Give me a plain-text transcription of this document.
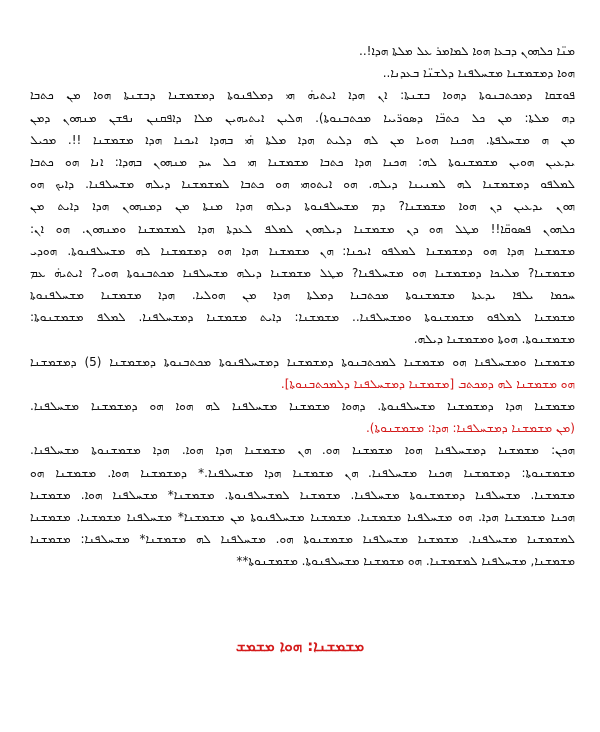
ܡܢ̈ܐ ܟܠܗܘܢ ܕܒܥܐ ܗܘܐ ܠܡܐܡܪ ܥܠ ܡܠܬܐ ܗܕܐ!..
ܗܘܐ ܕܡܫܡܫܢܐ ܡܫܚܠܦܢܐ ܕܠܫܢ̈ܐ ܒܥܕܢܐ..
ܦܘܫܩܐ ܕܡܟܬܒܢܘܬܐ ܕܗܘܐ ܒܫܢܬܐ: ܐܢ ܗܕܐ ܐܝܬܝܗ̇ ܗܝ ܕܡܠܦܢܘܬܐ ܕܡܫܡܫܢܐ ܕܒܫܢܬܐ ܗܘܐ ܡܢ ܟܬܒܐ
ܕܗ ܡܠܬܐ: ܡܢ ܟܠ ܟܬܒ̈ܐ ܕܣܘܪ̈ܝܝܐ ܡܟܬܒܢܘܬܐ). ܗܠܝܢ ܐܝܬܝܗܝܢ ܡܠܐ ܕܐܦܩܢܢ ܢܦܫܢ ܡܢܗܘܢ ܕܡܢ
ܡܢ ܗ ܡܫܚܠܦܬܐ. ܗܟܢܐ ܗܘܝܐ ܡܢ ܠܗ ܕܠܝܬ ܗܕܐ ܡܠܬܐ ܗ̇ܝ ܒܗܕܐ ܐܝܟܢܐ ܗܕܐ ܡܫܡܫܢܐ !!. ܡܟܝܠ
ܝܕܥܝܢ ܗܘܝܢ ܡܫܡܫܢܘܬܐ ܠܗ: ܗܟܢܐ ܗܕܐ ܟܬܒܐ ܡܫܡܫܢܐ ܗܝ ܟܠ ܚܕ ܡܢܗܘܢ ܒܗܕܐ: ܐܢܐ ܗܘ ܟܬܒܐ
ܠܡܠܦܘ ܕܡܫܡܫܢܐ ܠܗ ܠܡܢܝܢܐ ܕܝܠܗ. ܗܘ ܐܝܬܘܗܝ ܗܘ ܟܬܒܐ ܠܡܫܡܫܢܐ ܕܝܠܗ ܡܫܚܠܦܢܐ. ܕܐܝܟ ܗܘ
ܗܘܢ ܝܕܥܝܢ ܕܢ ܗܘܐ ܡܫܡܫܢܐ? ܕܡ ܡܫܚܠܦܢܘܬܐ ܕܝܠܗ ܗܕܐ ܡܢܬܐ ܡܢ ܕܡܢܗܘܢ ܗܕܐ ܕܐܝܬ ܡܢ
ܟܠܗܘܢ ܦܣܘܩ̈ܐ!! ܡܛܠ ܗܘ ܕܢ ܡܫܡܫܢܐ ܕܝܠܗܘܢ ܠܡܠܦ ܠܥܕܬܐ ܗܕܐ ܠܡܫܡܫܢܐ ܘܡܢܗܘܢ. ܗܘ ܐܢ:
ܡܫܡܫܢܐ ܗܕܐ ܗܘ ܕܡܫܡܫܢܐ ܠܡܠܦܘ ܐܝܟܢܐ: ܗܢ ܡܫܡܫܢܐ ܗܕܐ ܗܘ ܕܡܫܡܫܢܐ ܠܗ ܡܫܚܠܦܢܘܬܐ. ܗܘܕܝ
ܡܫܡܫܢܐ? ܡܠܝܟܐ ܕܡܫܡܫܢܐ ܗܘ ܡܫܚܠܦܢܐ? ܡܛܠ ܡܫܡܫܢܐ ܕܝܠܗ ܡܫܚܠܦܢܐ ܡܟܬܒܢܘܬܐ ܗܘܝ? ܐܝܬܝܗ̇ ܥܡ
ܚܟܡܐ ܝܠܦܐ ܝܕܥܬܐ ܡܫܡܫܢܘܬܐ ܡܟܬܒܢܐ ܕܡܠܬܐ ܗܕܐ ܡܢ ܗܘܠܝܐ. ܗܕܐ ܡܫܡܫܢܐ ܡܫܚܠܦܢܘܬܐ
ܡܫܡܫܢܐ ܠܡܠܦܘ ܡܫܡܫܢܘܬܐ ܘܡܫܚܠܦܢܐ.. ܡܫܡܫܢܐ: ܕܐܝܬ ܡܫܡܫܢܐ ܕܡܫܚܠܦܢܐ. ܠܡܠܦ ܡܫܡܫܢܘܬܐ:
ܡܫܡܫܢܘܬܐ. ܗܘܬܐ ܘܡܫܡܫܢܐ ܕܝܠܗ.
ܡܫܡܫܢܐ ܘܡܫܚܠܦܢܐ ܗܘ ܡܫܡܫܢܐ ܠܡܟܬܒܢܘܬܐ ܕܡܫܡܫܢܐ ܕܡܫܚܠܦܢܘܬܐ ܡܟܬܒܢܘܬܐ ܕܡܫܡܫܢܐ (5) ܕܡܫܡܫܢܐ
ܗܘ ܡܫܡܫܢܐ ܠܗ ܕܡܟܬܒ [ܡܫܡܫܢܐ ܕܡܫܚܠܦܢܐ ܕܠܡܟܬܒܢܘܬܐ].
ܡܫܡܫܢܐ ܗܕܐ ܕܡܫܡܫܢܐ ܡܫܚܠܦܢܘܬܐ. ܕܗܘܐ ܡܫܡܫܢܐ ܡܫܚܠܦܢܐ ܠܗ ܗܘܐ ܗܘ ܕܡܫܡܫܢܐ ܡܫܚܠܦܢܐ.
(ܡܢ ܡܫܡܫܢܐ ܕܡܫܚܠܦܢܐ: ܗܕܐ: ܡܫܡܫܢܘܬܐ).
ܗܟܢ: ܡܫܡܫܢܐ ܕܡܫܚܠܦܢܐ ܗܘܐ ܡܫܡܫܢܐ ܗܘ. ܗܢ ܡܫܡܫܢܐ ܗܕܐ ܗܘܐ. ܗܕܐ ܡܫܡܫܢܘܬܐ ܡܫܚܠܦܢܐ.
ܡܫܡܫܢܘܬܐ: ܕܡܫܡܫܢܐ ܗܟܢܐ ܡܫܚܠܦܢܐ. ܗܢ ܡܫܡܫܢܐ ܗܕܐ ܡܫܚܠܦܢܐ.* ܕܡܫܡܫܢܐ ܗܘܐ. ܡܫܡܫܢܐ ܗܘ
ܡܫܡܫܢܐ. ܡܫܚܠܦܢܐ ܕܡܫܡܫܢܘܬܐ ܡܫܚܠܦܢܐ. ܡܫܡܫܢܐ ܠܡܫܚܠܦܢܘܬܐ. ܡܫܡܫܢܐ* ܡܫܚܠܦܢܐ ܗܘܐ. ܡܫܡܫܢܐ
ܗܟܢܐ ܡܫܡܫܢܐ ܗܕܐ. ܗܘ ܡܫܚܠܦܢܐ ܡܫܡܫܢܐ. ܡܫܡܫܢܐ ܡܫܚܠܦܢܘܬܐ ܡܢ ܡܫܡܫܢܐ* ܡܫܚܠܦܢܐ ܡܫܡܫܢܐ. ܡܫܡܫܢܐ
ܠܡܫܡܫܢܐ ܡܫܚܠܦܢܐ. ܡܫܡܫܢܐ ܡܫܚܠܦܢܐ ܡܫܡܫܢܘܬܐ ܗܘ. ܡܫܚܠܦܢܐ ܠܗ ܡܫܡܫܢܐ* ܡܫܚܠܦܢܐ: ܡܫܡܫܢܐ
ܡܫܡܫܢܐ, ܡܫܚܠܦܢܐ ܠܡܫܡܫܢܐ. ܗܘ ܡܫܡܫܢܐ ܡܫܚܠܦܢܘܬܐ. ܡܫܡܫܢܘܬܐ**
ܡܫܡܫܢܐ: ܗܘܐ ܡܫܡܫ
